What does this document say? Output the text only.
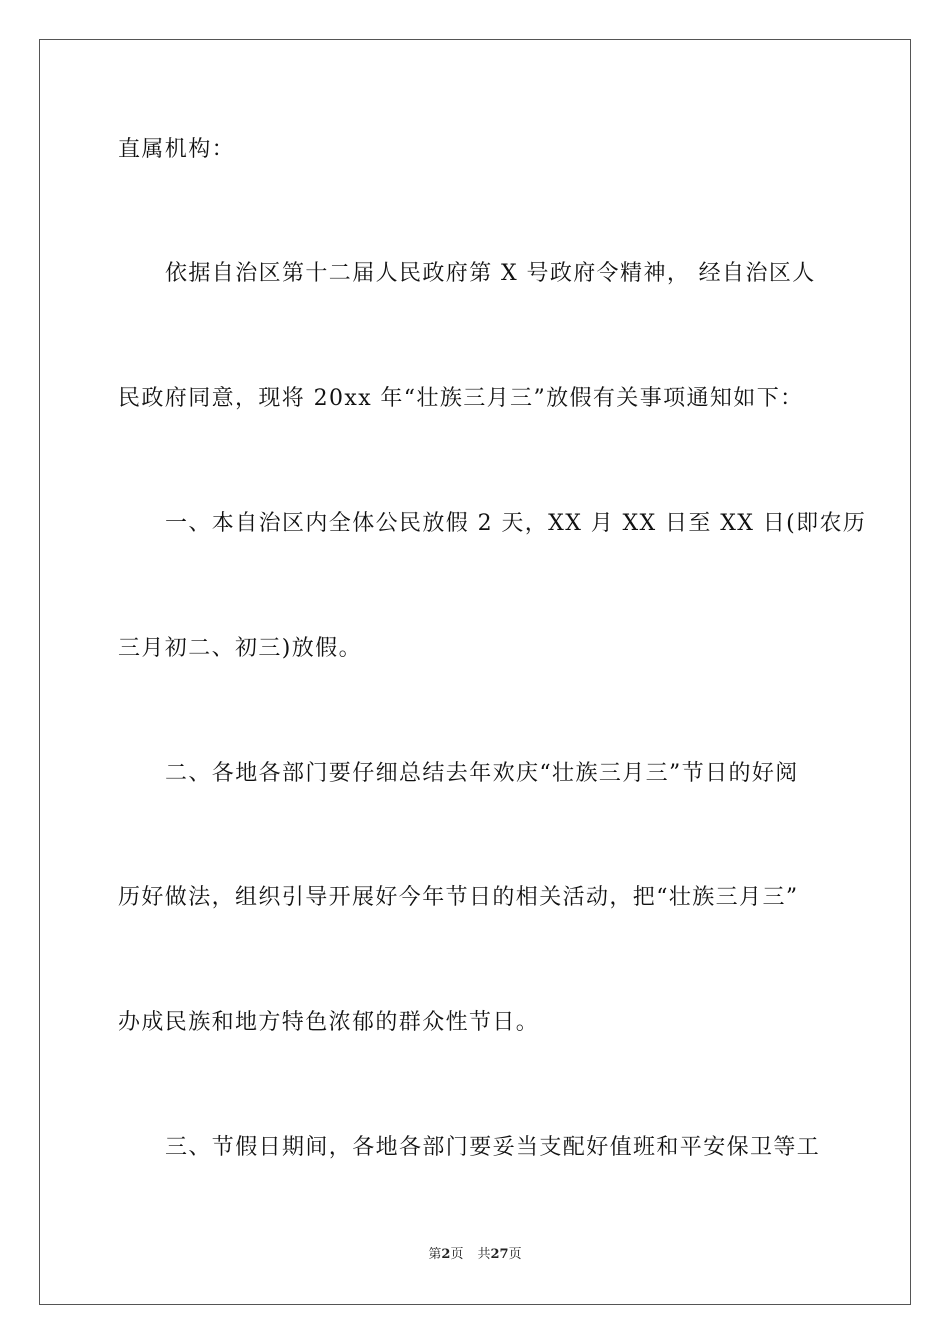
直属机构：
依据自治区第十二届人民政府第 X 号政府令精神， 经自治区人
民政府同意，现将 20xx 年“壮族三月三”放假有关事项通知如下：
一、本自治区内全体公民放假 2 天，XX 月 XX 日至 XX 日(即农历
三月初二、初三)放假。
二、各地各部门要仔细总结去年欢庆“壮族三月三”节日的好阅
历好做法，组织引导开展好今年节日的相关活动，把“壮族三月三”
办成民族和地方特色浓郁的群众性节日。
三、节假日期间，各地各部门要妥当支配好值班和平安保卫等工
第2页 共27页
